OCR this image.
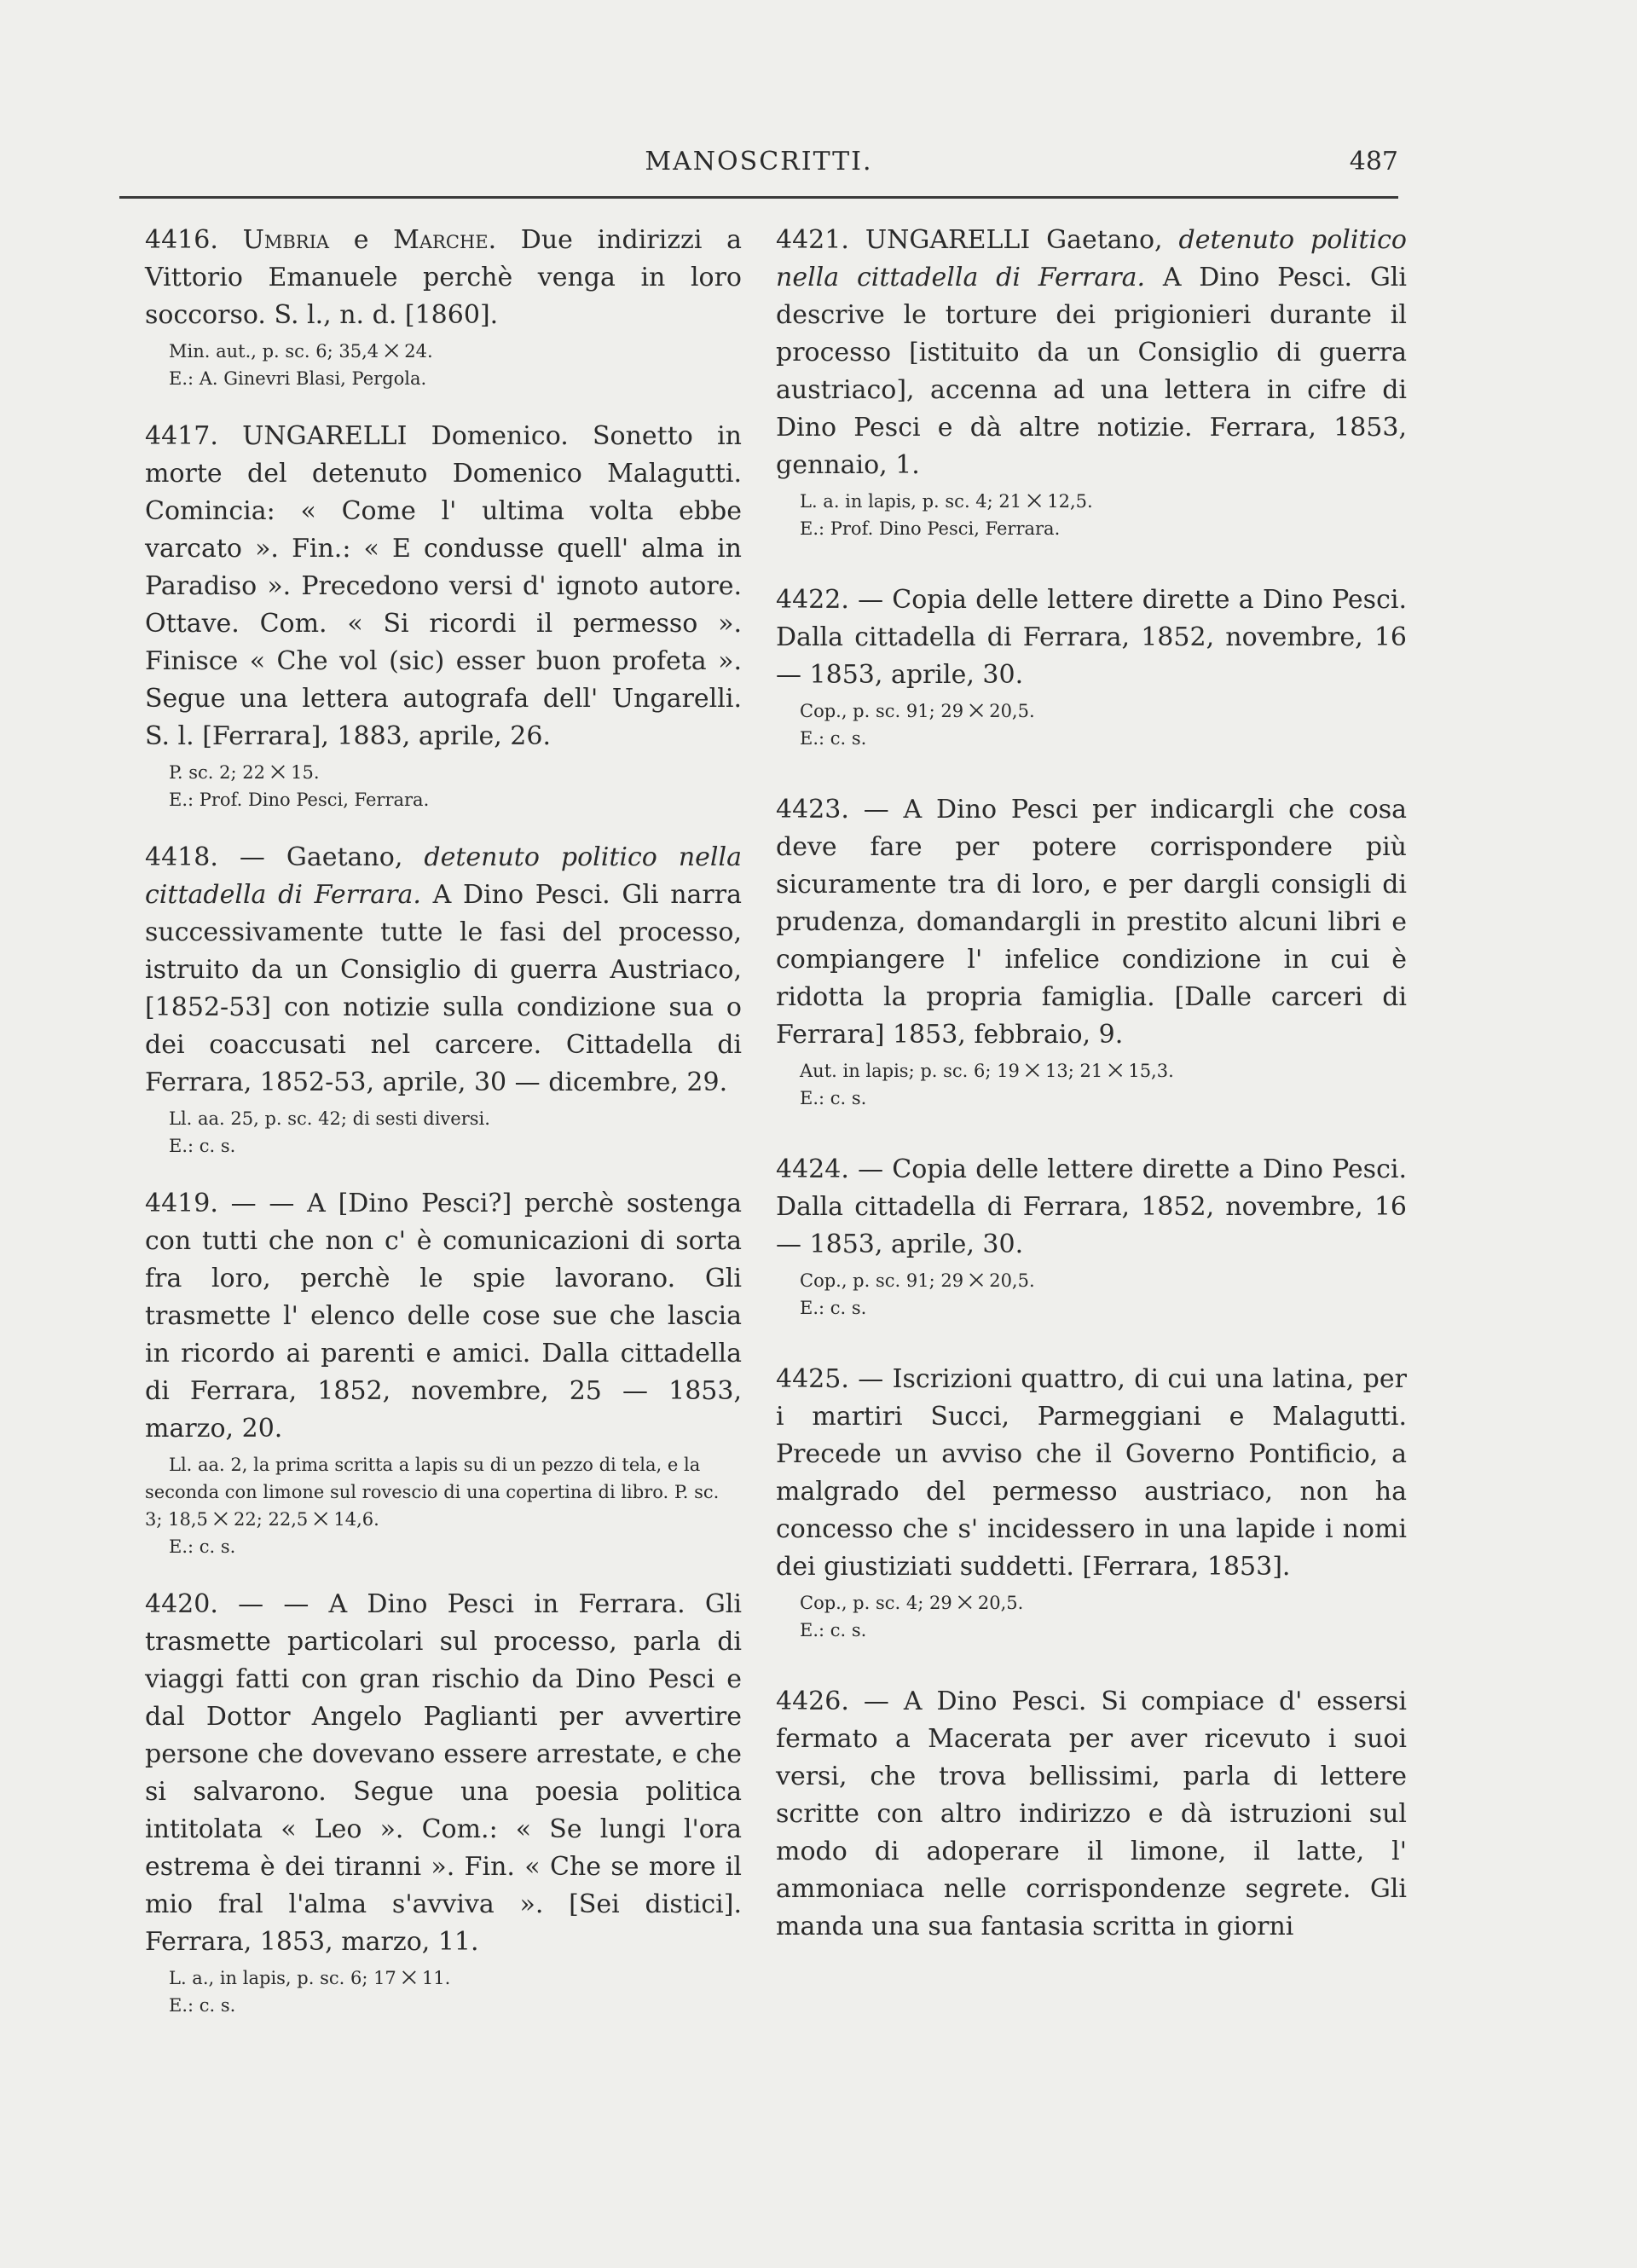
MANOSCRITTI.	487

4416. Umbria e Marche. Due indirizzi a Vittorio Emanuele perchè venga in loro soccorso. S. l., n. d. [1860].

Min. aut., p. sc. 6; 35,4 ⨉ 24.

E.: A. Ginevri Blasi, Pergola.

4417. UNGARELLI Domenico. Sonetto in morte del detenuto Domenico Malagutti. Comincia: « Come l' ultima volta ebbe varcato ». Fin.: « E condusse quell' alma in Paradiso ». Precedono versi d' ignoto autore. Ottave. Com. « Si ricordi il permesso ». Finisce « Che vol (sic) esser buon profeta ». Segue una lettera autografa dell' Ungarelli. S. l. [Ferrara], 1883, aprile, 26.

P. sc. 2; 22 ⨉ 15.

E.: Prof. Dino Pesci, Ferrara.

4418. — Gaetano, detenuto politico nella cittadella di Ferrara. A Dino Pesci. Gli narra successivamente tutte le fasi del processo, istruito da un Consiglio di guerra Austriaco, [1852-53] con notizie sulla condizione sua o dei coaccusati nel carcere. Cittadella di Ferrara, 1852-53, aprile, 30 — dicembre, 29.

Ll. aa. 25, p. sc. 42; di sesti diversi.

E.: c. s.

4419. — — A [Dino Pesci?] perchè sostenga con tutti che non c' è comunicazioni di sorta fra loro, perchè le spie lavorano. Gli trasmette l' elenco delle cose sue che lascia in ricordo ai parenti e amici. Dalla cittadella di Ferrara, 1852, novembre, 25 — 1853, marzo, 20.

Ll. aa. 2, la prima scritta a lapis su di un pezzo di tela, e la seconda con limone sul rovescio di una copertina di libro. P. sc. 3; 18,5 ⨉ 22; 22,5 ⨉ 14,6.

E.: c. s.

4420. — — A Dino Pesci in Ferrara. Gli trasmette particolari sul processo, parla di viaggi fatti con gran rischio da Dino Pesci e dal Dottor Angelo Paglianti per avvertire persone che dovevano essere arrestate, e che si salvarono. Segue una poesia politica intitolata « Leo ». Com.: « Se lungi l'ora estrema è dei tiranni ». Fin. « Che se more il mio fral l'alma s'avviva ». [Sei distici]. Ferrara, 1853, marzo, 11.

L. a., in lapis, p. sc. 6; 17 ⨉ 11.

E.: c. s.

4421. UNGARELLI Gaetano, detenuto politico nella cittadella di Ferrara. A Dino Pesci. Gli descrive le torture dei prigionieri durante il processo [istituito da un Consiglio di guerra austriaco], accenna ad una lettera in cifre di Dino Pesci e dà altre notizie. Ferrara, 1853, gennaio, 1.

L. a. in lapis, p. sc. 4; 21 ⨉ 12,5.

E.: Prof. Dino Pesci, Ferrara.

4422. — Copia delle lettere dirette a Dino Pesci. Dalla cittadella di Ferrara, 1852, novembre, 16 — 1853, aprile, 30.

Cop., p. sc. 91; 29 ⨉ 20,5.

E.: c. s.

4423. — A Dino Pesci per indicargli che cosa deve fare per potere corrispondere più sicuramente tra di loro, e per dargli consigli di prudenza, domandargli in prestito alcuni libri e compiangere l' infelice condizione in cui è ridotta la propria famiglia. [Dalle carceri di Ferrara] 1853, febbraio, 9.

Aut. in lapis; p. sc. 6; 19 ⨉ 13; 21 ⨉ 15,3.

E.: c. s.

4424. — Copia delle lettere dirette a Dino Pesci. Dalla cittadella di Ferrara, 1852, novembre, 16 — 1853, aprile, 30.

Cop., p. sc. 91; 29 ⨉ 20,5.

E.: c. s.

4425. — Iscrizioni quattro, di cui una latina, per i martiri Succi, Parmeggiani e Malagutti. Precede un avviso che il Governo Pontificio, a malgrado del permesso austriaco, non ha concesso che s' incidessero in una lapide i nomi dei giustiziati suddetti. [Ferrara, 1853].

Cop., p. sc. 4; 29 ⨉ 20,5.

E.: c. s.

4426. — A Dino Pesci. Si compiace d' essersi fermato a Macerata per aver ricevuto i suoi versi, che trova bellissimi, parla di lettere scritte con altro indirizzo e dà istruzioni sul modo di adoperare il limone, il latte, l' ammoniaca nelle corrispondenze segrete. Gli manda una sua fantasia scritta in giorni
